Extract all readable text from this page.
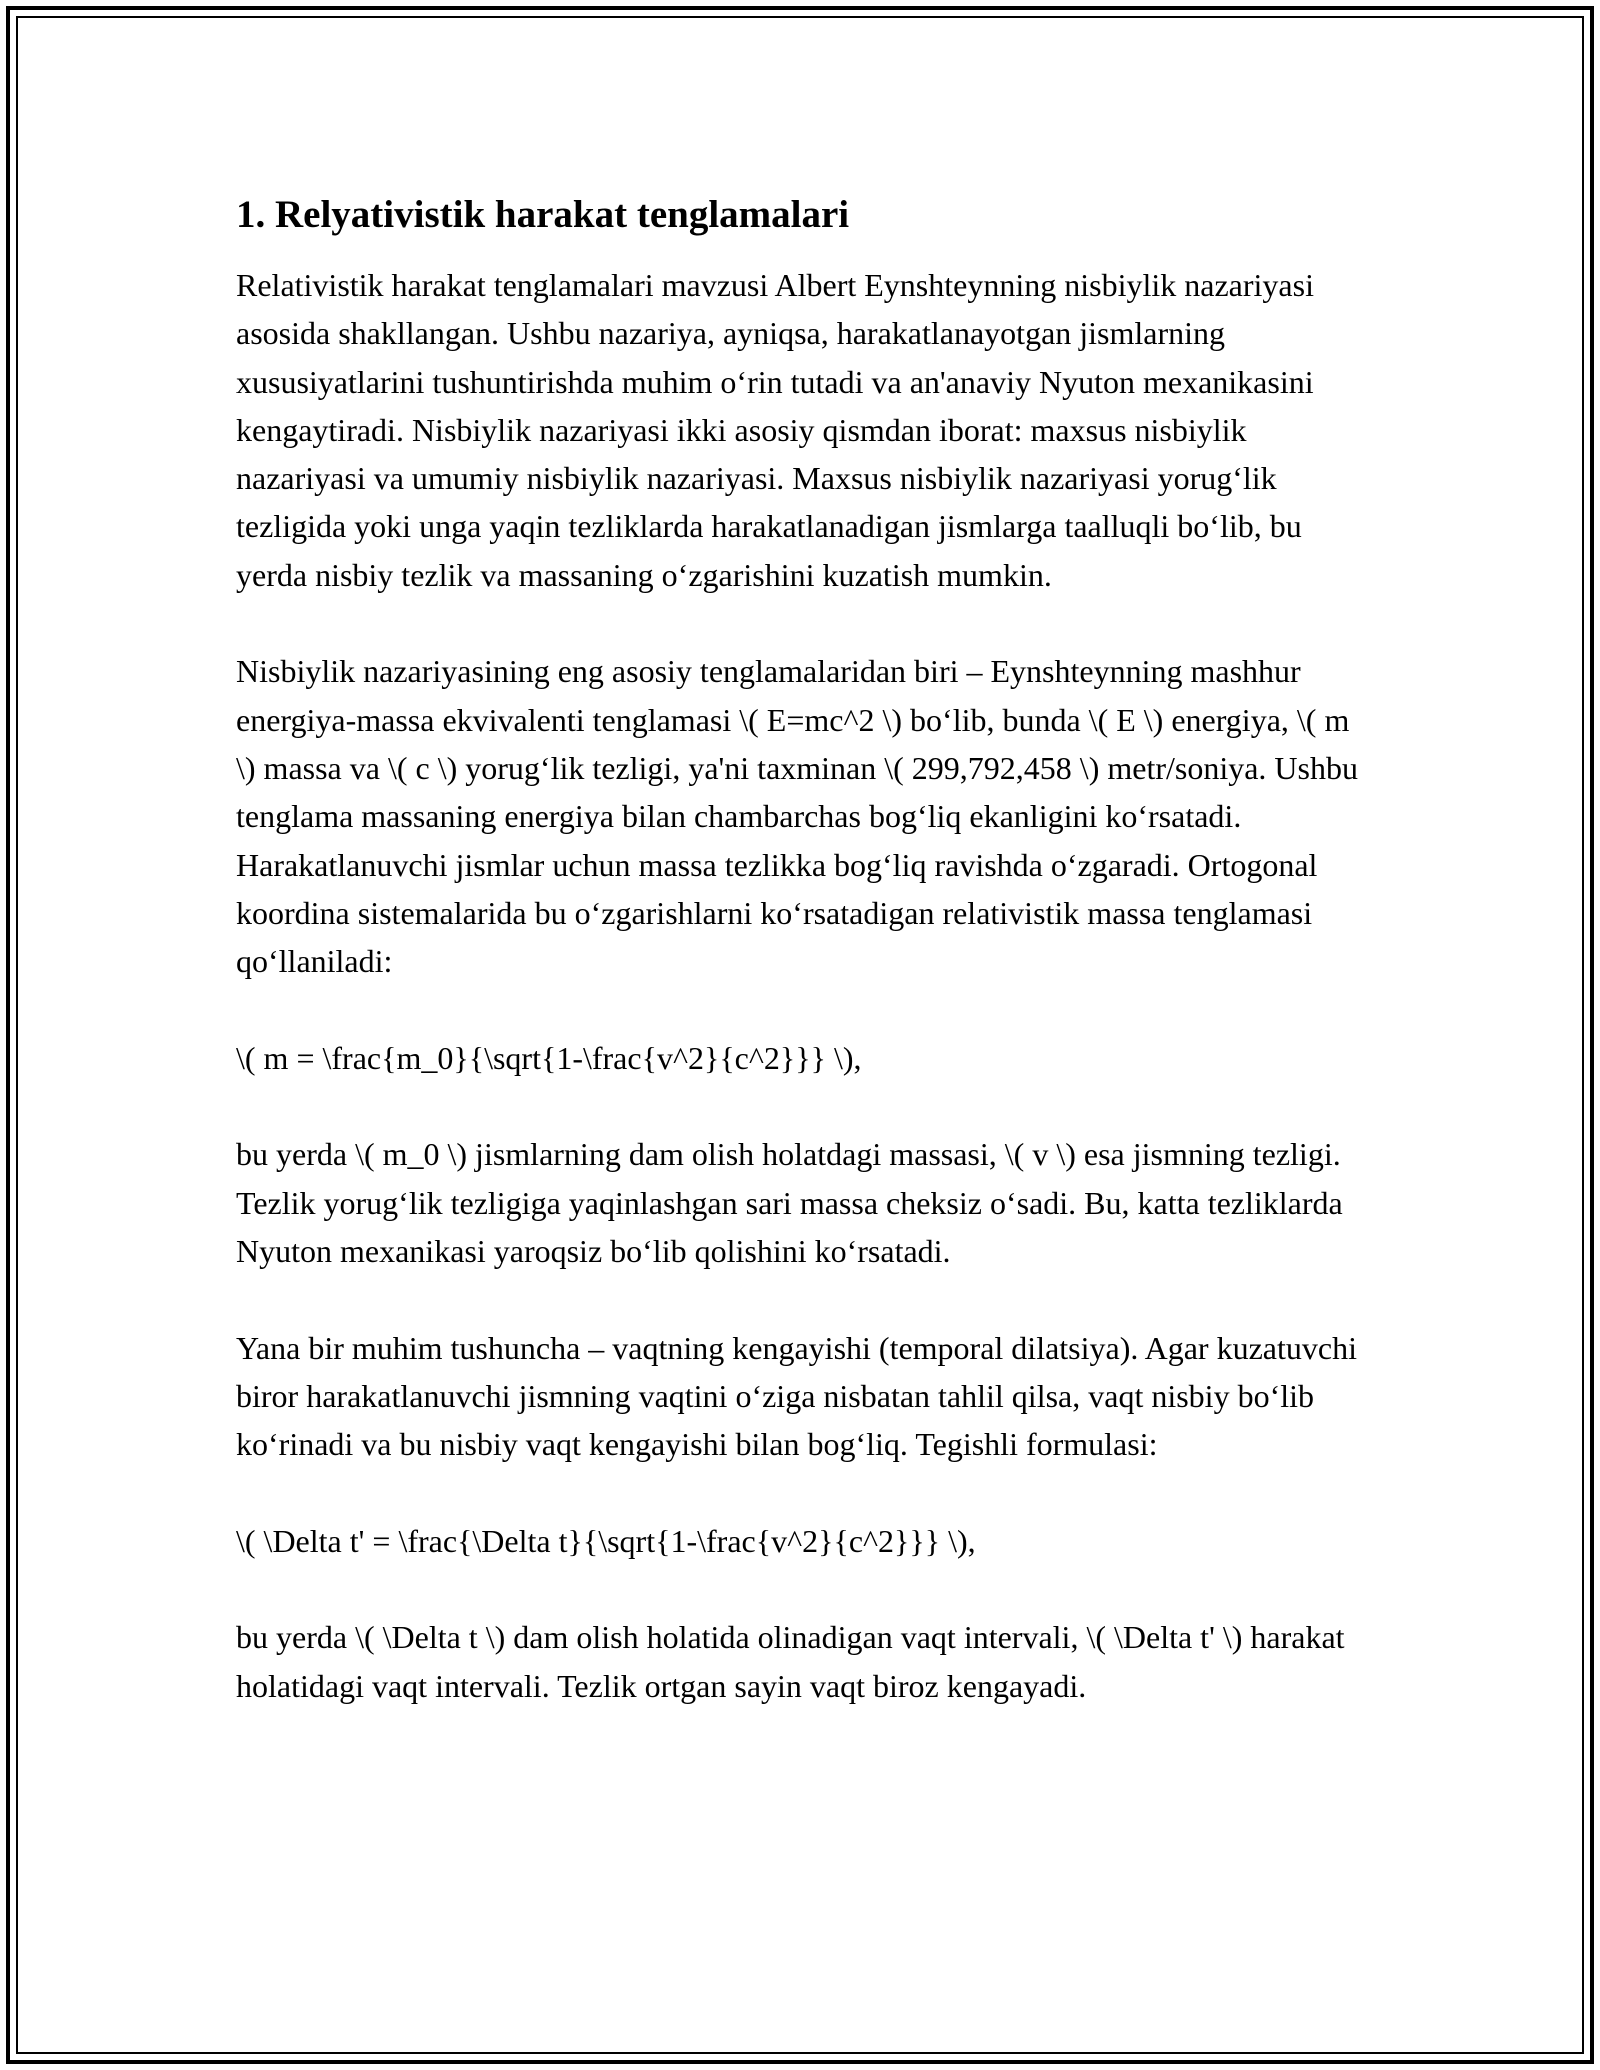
1. Relyativistik harakat tenglamalari

Relativistik harakat tenglamalari mavzusi Albert Eynshteynning nisbiylik nazariyasi asosida shakllangan. Ushbu nazariya, ayniqsa, harakatlanayotgan jismlarning xususiyatlarini tushuntirishda muhim o‘rin tutadi va an'anaviy Nyuton mexanikasini kengaytiradi. Nisbiylik nazariyasi ikki asosiy qismdan iborat: maxsus nisbiylik nazariyasi va umumiy nisbiylik nazariyasi. Maxsus nisbiylik nazariyasi yorug‘lik tezligida yoki unga yaqin tezliklarda harakatlanadigan jismlarga taalluqli bo‘lib, bu yerda nisbiy tezlik va massaning o‘zgarishini kuzatish mumkin.

Nisbiylik nazariyasining eng asosiy tenglamalaridan biri – Eynshteynning mashhur energiya-massa ekvivalenti tenglamasi \( E=mc^2 \) bo‘lib, bunda \( E \) energiya, \( m \) massa va \( c \) yorug‘lik tezligi, ya'ni taxminan \( 299,792,458 \) metr/soniya. Ushbu tenglama massaning energiya bilan chambarchas bog‘liq ekanligini ko‘rsatadi. Harakatlanuvchi jismlar uchun massa tezlikka bog‘liq ravishda o‘zgaradi. Ortogonal koordina sistemalarida bu o‘zgarishlarni ko‘rsatadigan relativistik massa tenglamasi qo‘llaniladi:

\( m = \frac{m_0}{\sqrt{1-\frac{v^2}{c^2}}} \),

bu yerda \( m_0 \) jismlarning dam olish holatdagi massasi, \( v \) esa jismning tezligi. Tezlik yorug‘lik tezligiga yaqinlashgan sari massa cheksiz o‘sadi. Bu, katta tezliklarda Nyuton mexanikasi yaroqsiz bo‘lib qolishini ko‘rsatadi.

Yana bir muhim tushuncha – vaqtning kengayishi (temporal dilatsiya). Agar kuzatuvchi biror harakatlanuvchi jismning vaqtini o‘ziga nisbatan tahlil qilsa, vaqt nisbiy bo‘lib ko‘rinadi va bu nisbiy vaqt kengayishi bilan bog‘liq. Tegishli formulasi:

\( \Delta t' = \frac{\Delta t}{\sqrt{1-\frac{v^2}{c^2}}} \),

bu yerda \( \Delta t \) dam olish holatida olinadigan vaqt intervali, \( \Delta t' \) harakat holatidagi vaqt intervali. Tezlik ortgan sayin vaqt biroz kengayadi.
